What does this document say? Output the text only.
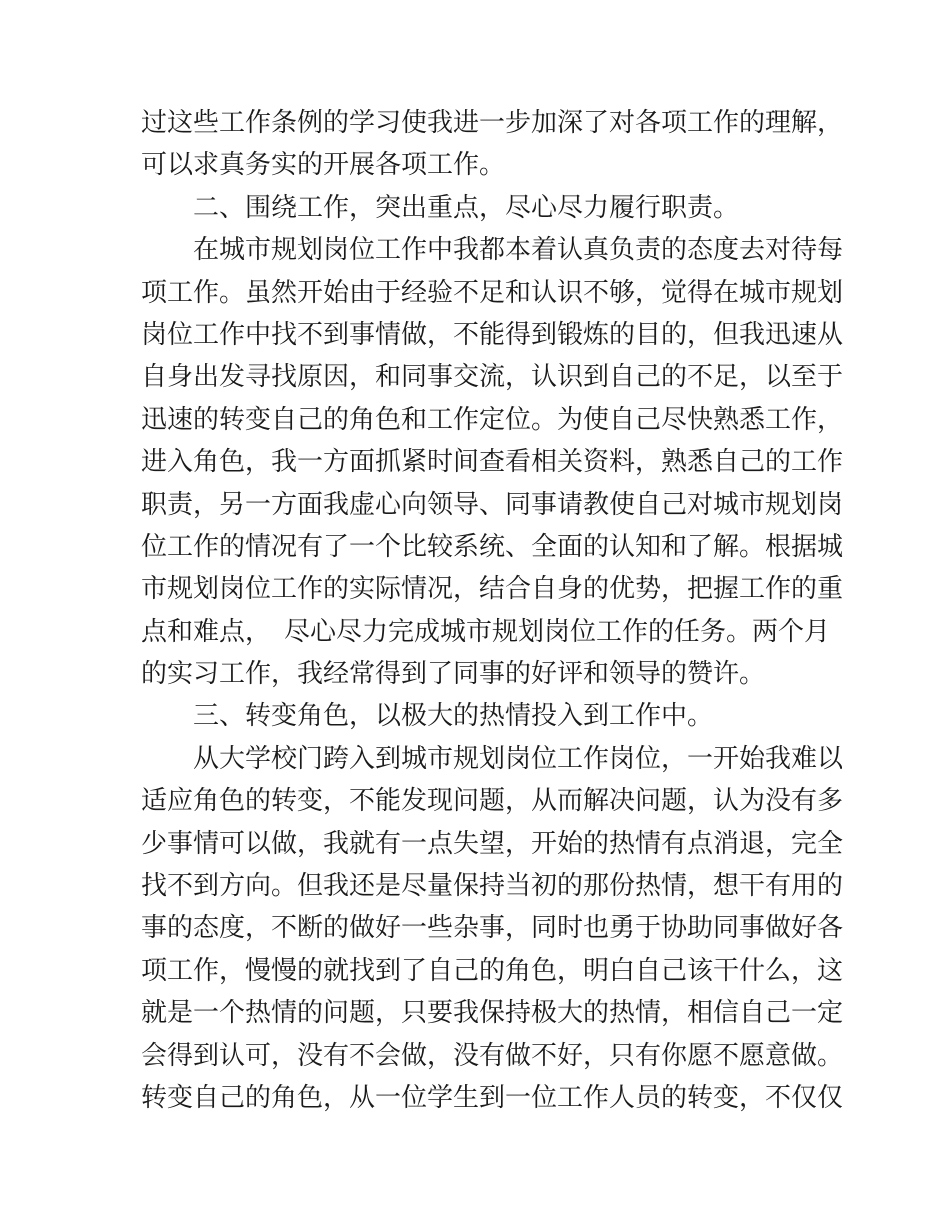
过这些工作条例的学习使我进一步加深了对各项工作的理解，
可以求真务实的开展各项工作。
二、围绕工作，突出重点，尽心尽力履行职责。
在城市规划岗位工作中我都本着认真负责的态度去对待每
项工作。虽然开始由于经验不足和认识不够，觉得在城市规划
岗位工作中找不到事情做，不能得到锻炼的目的，但我迅速从
自身出发寻找原因，和同事交流，认识到自己的不足，以至于
迅速的转变自己的角色和工作定位。为使自己尽快熟悉工作，
进入角色，我一方面抓紧时间查看相关资料，熟悉自己的工作
职责，另一方面我虚心向领导、同事请教使自己对城市规划岗
位工作的情况有了一个比较系统、全面的认知和了解。根据城
市规划岗位工作的实际情况，结合自身的优势，把握工作的重
点和难点，　尽心尽力完成城市规划岗位工作的任务。两个月
的实习工作，我经常得到了同事的好评和领导的赞许。
三、转变角色，以极大的热情投入到工作中。
从大学校门跨入到城市规划岗位工作岗位，一开始我难以
适应角色的转变，不能发现问题，从而解决问题，认为没有多
少事情可以做，我就有一点失望，开始的热情有点消退，完全
找不到方向。但我还是尽量保持当初的那份热情，想干有用的
事的态度，不断的做好一些杂事，同时也勇于协助同事做好各
项工作，慢慢的就找到了自己的角色，明白自己该干什么，这
就是一个热情的问题，只要我保持极大的热情，相信自己一定
会得到认可，没有不会做，没有做不好，只有你愿不愿意做。
转变自己的角色，从一位学生到一位工作人员的转变，不仅仅
